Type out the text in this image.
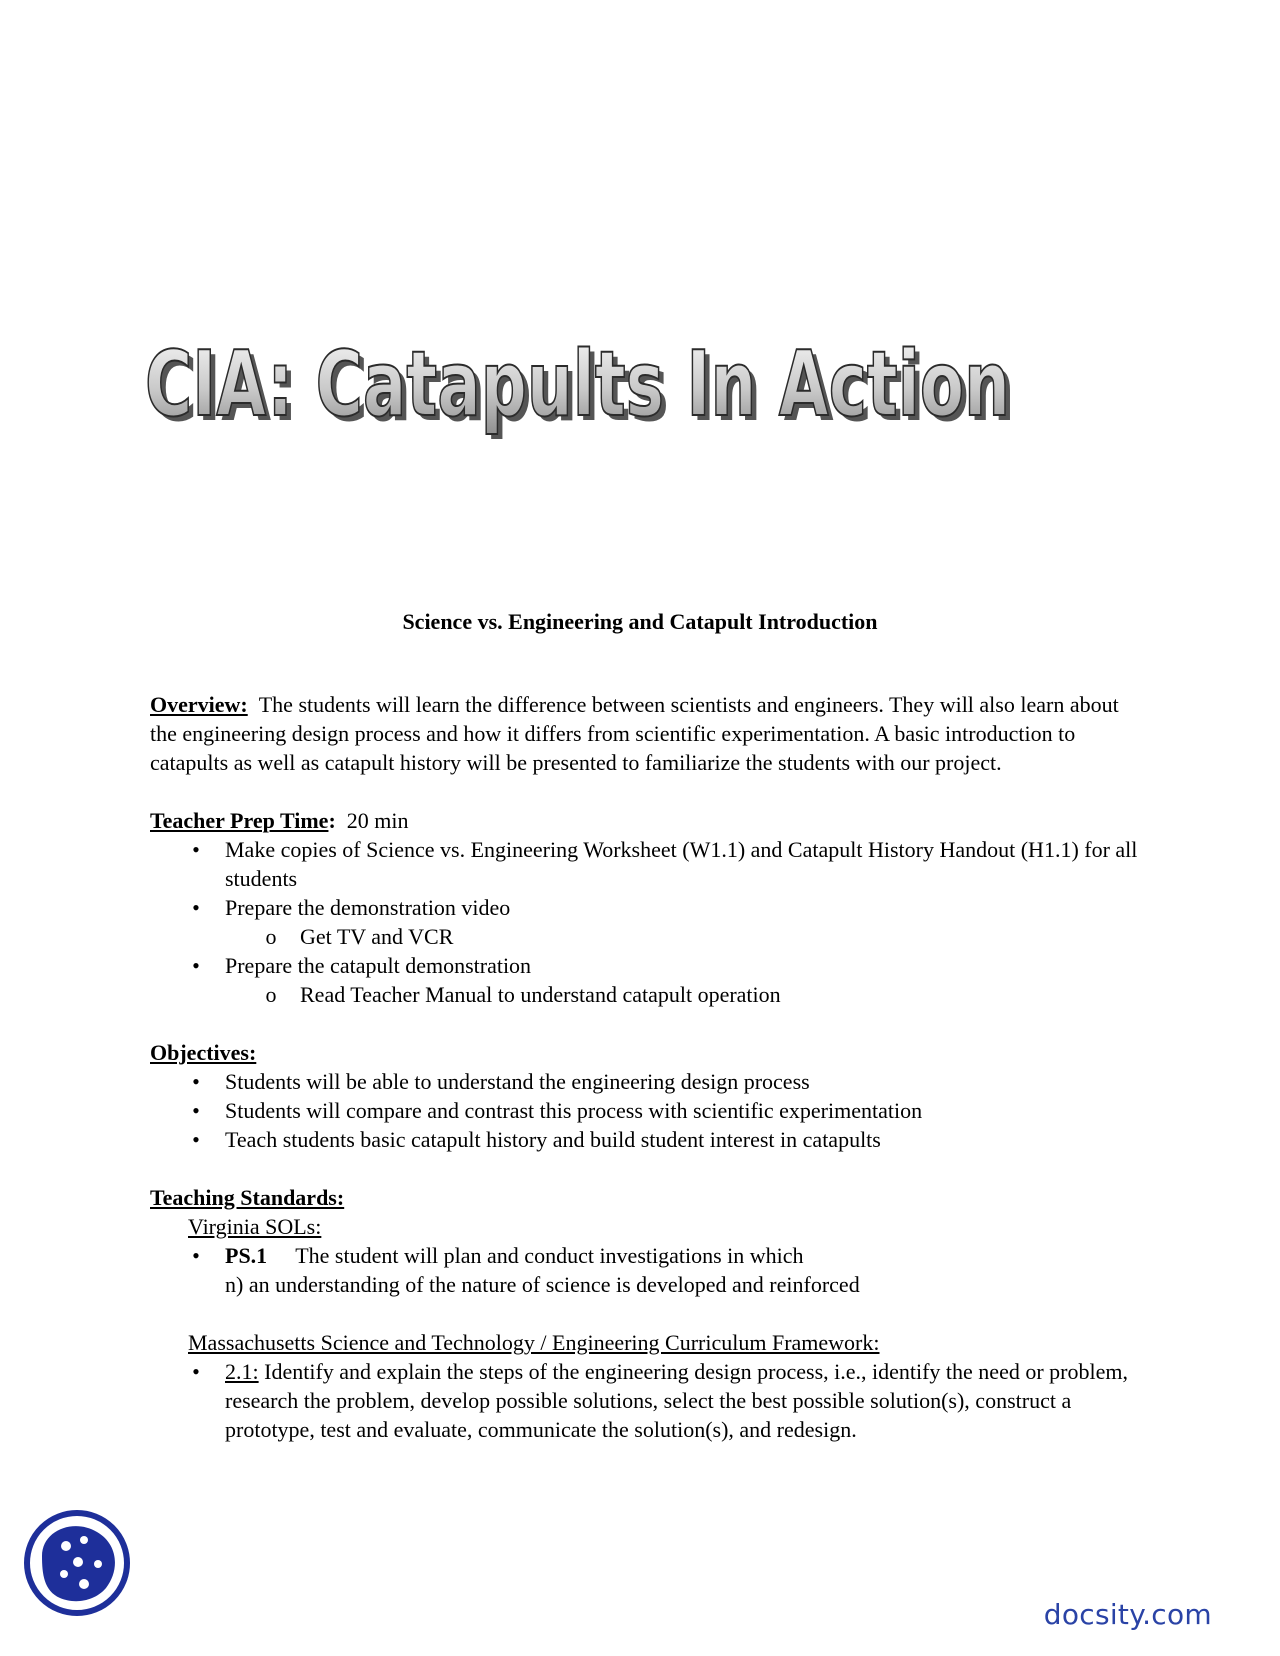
CIA: Catapults In Action
CIA: Catapults In Action
Science vs. Engineering and Catapult Introduction

Overview: The students will learn the difference between scientists and engineers. They will also learn about the engineering design process and how it differs from scientific experimentation. A basic introduction to catapults as well as catapult history will be presented to familiarize the students with our project.

Teacher Prep Time: 20 min

• Make copies of Science vs. Engineering Worksheet (W1.1) and Catapult History Handout (H1.1) for all students
• Prepare the demonstration video
o Get TV and VCR
• Prepare the catapult demonstration
o Read Teacher Manual to understand catapult operation

Objectives:

• Students will be able to understand the engineering design process
• Students will compare and contrast this process with scientific experimentation
• Teach students basic catapult history and build student interest in catapults

Teaching Standards:

Virginia SOLs:

• PS.1 The student will plan and conduct investigations in which
n) an understanding of the nature of science is developed and reinforced

Massachusetts Science and Technology / Engineering Curriculum Framework:

• 2.1: Identify and explain the steps of the engineering design process, i.e., identify the need or problem, research the problem, develop possible solutions, select the best possible solution(s), construct a prototype, test and evaluate, communicate the solution(s), and redesign.
docsity.com
